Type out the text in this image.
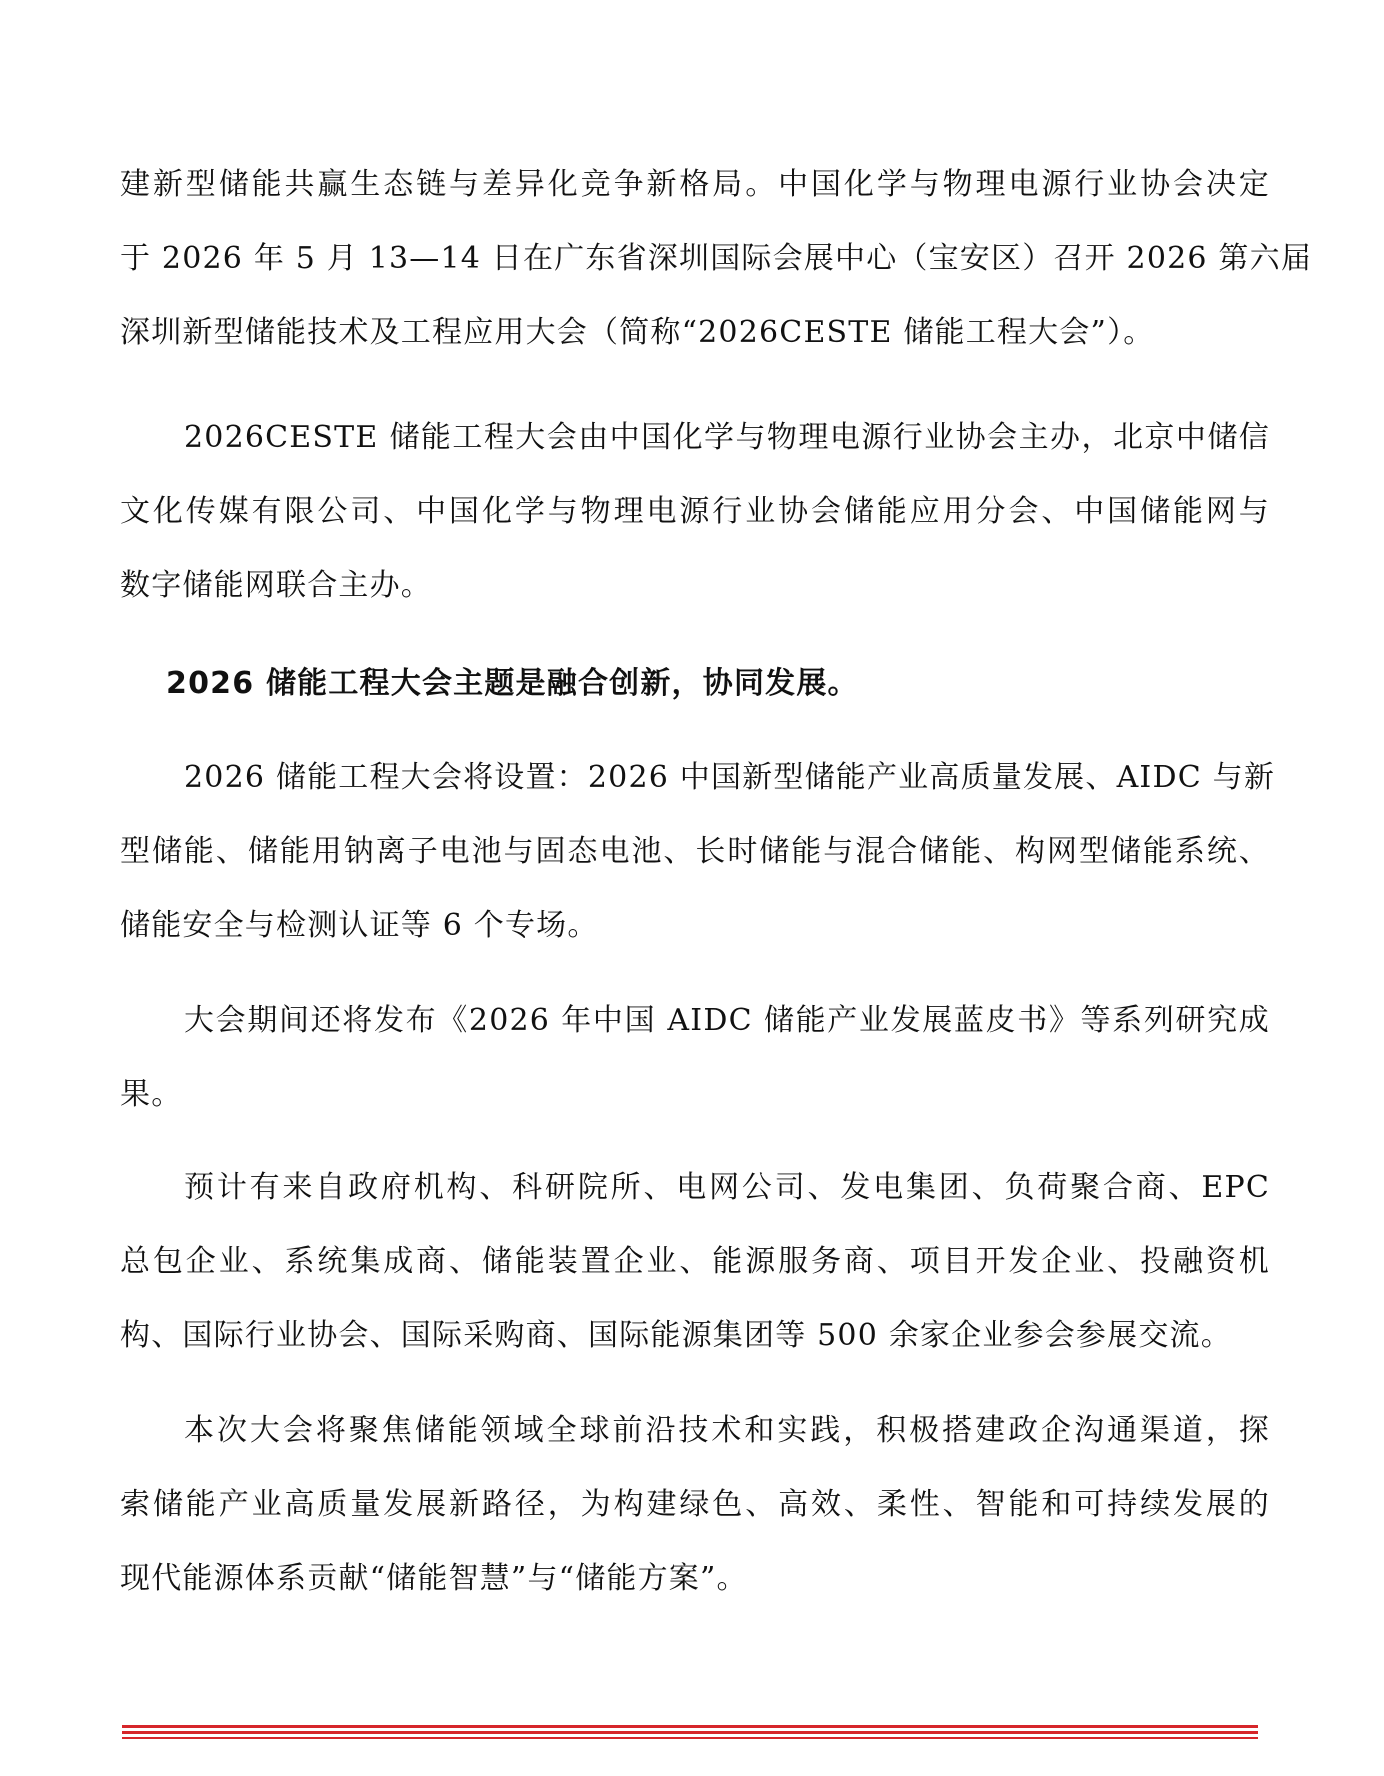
建新型储能共赢生态链与差异化竞争新格局。中国化学与物理电源行业协会决定
于 2026 年 5 月 13—14 日在广东省深圳国际会展中心（宝安区）召开 2026 第六届
深圳新型储能技术及工程应用大会（简称“2026CESTE 储能工程大会”）。
2026CESTE 储能工程大会由中国化学与物理电源行业协会主办，北京中储信
文化传媒有限公司、中国化学与物理电源行业协会储能应用分会、中国储能网与
数字储能网联合主办。
2026 储能工程大会主题是融合创新，协同发展。
2026 储能工程大会将设置：2026 中国新型储能产业高质量发展、AIDC 与新
型储能、储能用钠离子电池与固态电池、长时储能与混合储能、构网型储能系统、
储能安全与检测认证等 6 个专场。
大会期间还将发布《2026 年中国 AIDC 储能产业发展蓝皮书》等系列研究成
果。
预计有来自政府机构、科研院所、电网公司、发电集团、负荷聚合商、EPC
总包企业、系统集成商、储能装置企业、能源服务商、项目开发企业、投融资机
构、国际行业协会、国际采购商、国际能源集团等 500 余家企业参会参展交流。
本次大会将聚焦储能领域全球前沿技术和实践，积极搭建政企沟通渠道，探
索储能产业高质量发展新路径，为构建绿色、高效、柔性、智能和可持续发展的
现代能源体系贡献“储能智慧”与“储能方案”。
